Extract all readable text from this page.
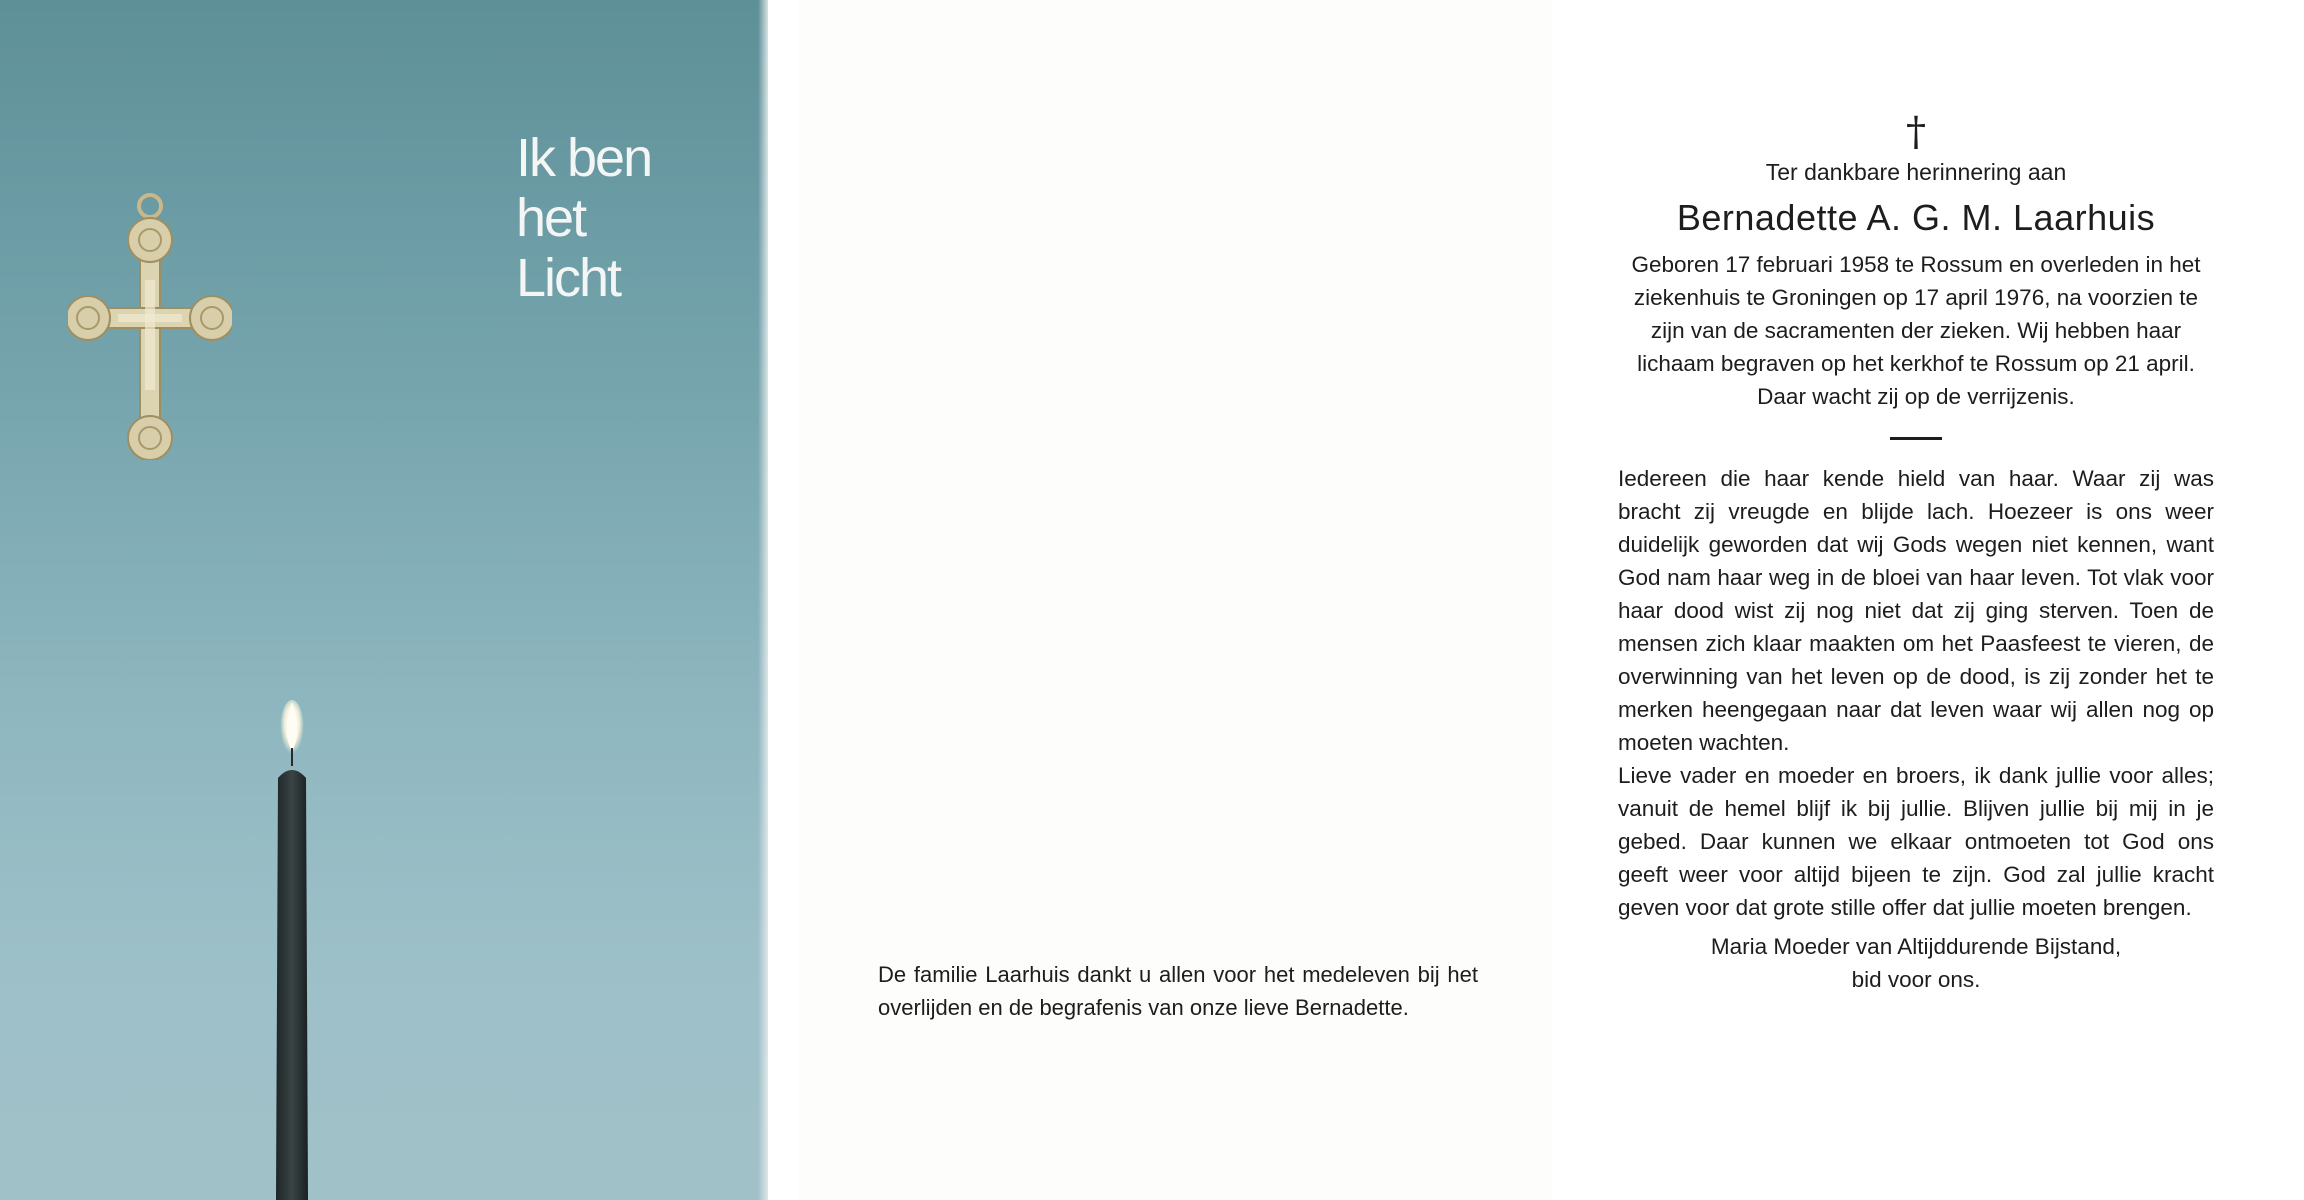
Ik ben
het
Licht
De familie Laarhuis dankt u allen voor het medeleven bij het overlijden en de begrafenis van onze lieve Bernadette.
†
Ter dankbare herinnering aan
Bernadette A. G. M. Laarhuis
Geboren 17 februari 1958 te Rossum en overleden in het ziekenhuis te Groningen op 17 april 1976, na voorzien te zijn van de sacramenten der zieken. Wij hebben haar lichaam begraven op het kerkhof te Rossum op 21 april. Daar wacht zij op de verrijzenis.

Iedereen die haar kende hield van haar. Waar zij was bracht zij vreugde en blijde lach. Hoezeer is ons weer duidelijk geworden dat wij Gods wegen niet kennen, want God nam haar weg in de bloei van haar leven. Tot vlak voor haar dood wist zij nog niet dat zij ging sterven. Toen de mensen zich klaar maakten om het Paasfeest te vieren, de overwinning van het leven op de dood, is zij zonder het te merken heengegaan naar dat leven waar wij allen nog op moeten wachten.

Lieve vader en moeder en broers, ik dank jullie voor alles; vanuit de hemel blijf ik bij jullie. Blijven jullie bij mij in je gebed. Daar kunnen we elkaar ontmoeten tot God ons geeft weer voor altijd bijeen te zijn. God zal jullie kracht geven voor dat grote stille offer dat jullie moeten brengen.

Maria Moeder van Altijddurende Bijstand,
bid voor ons.
